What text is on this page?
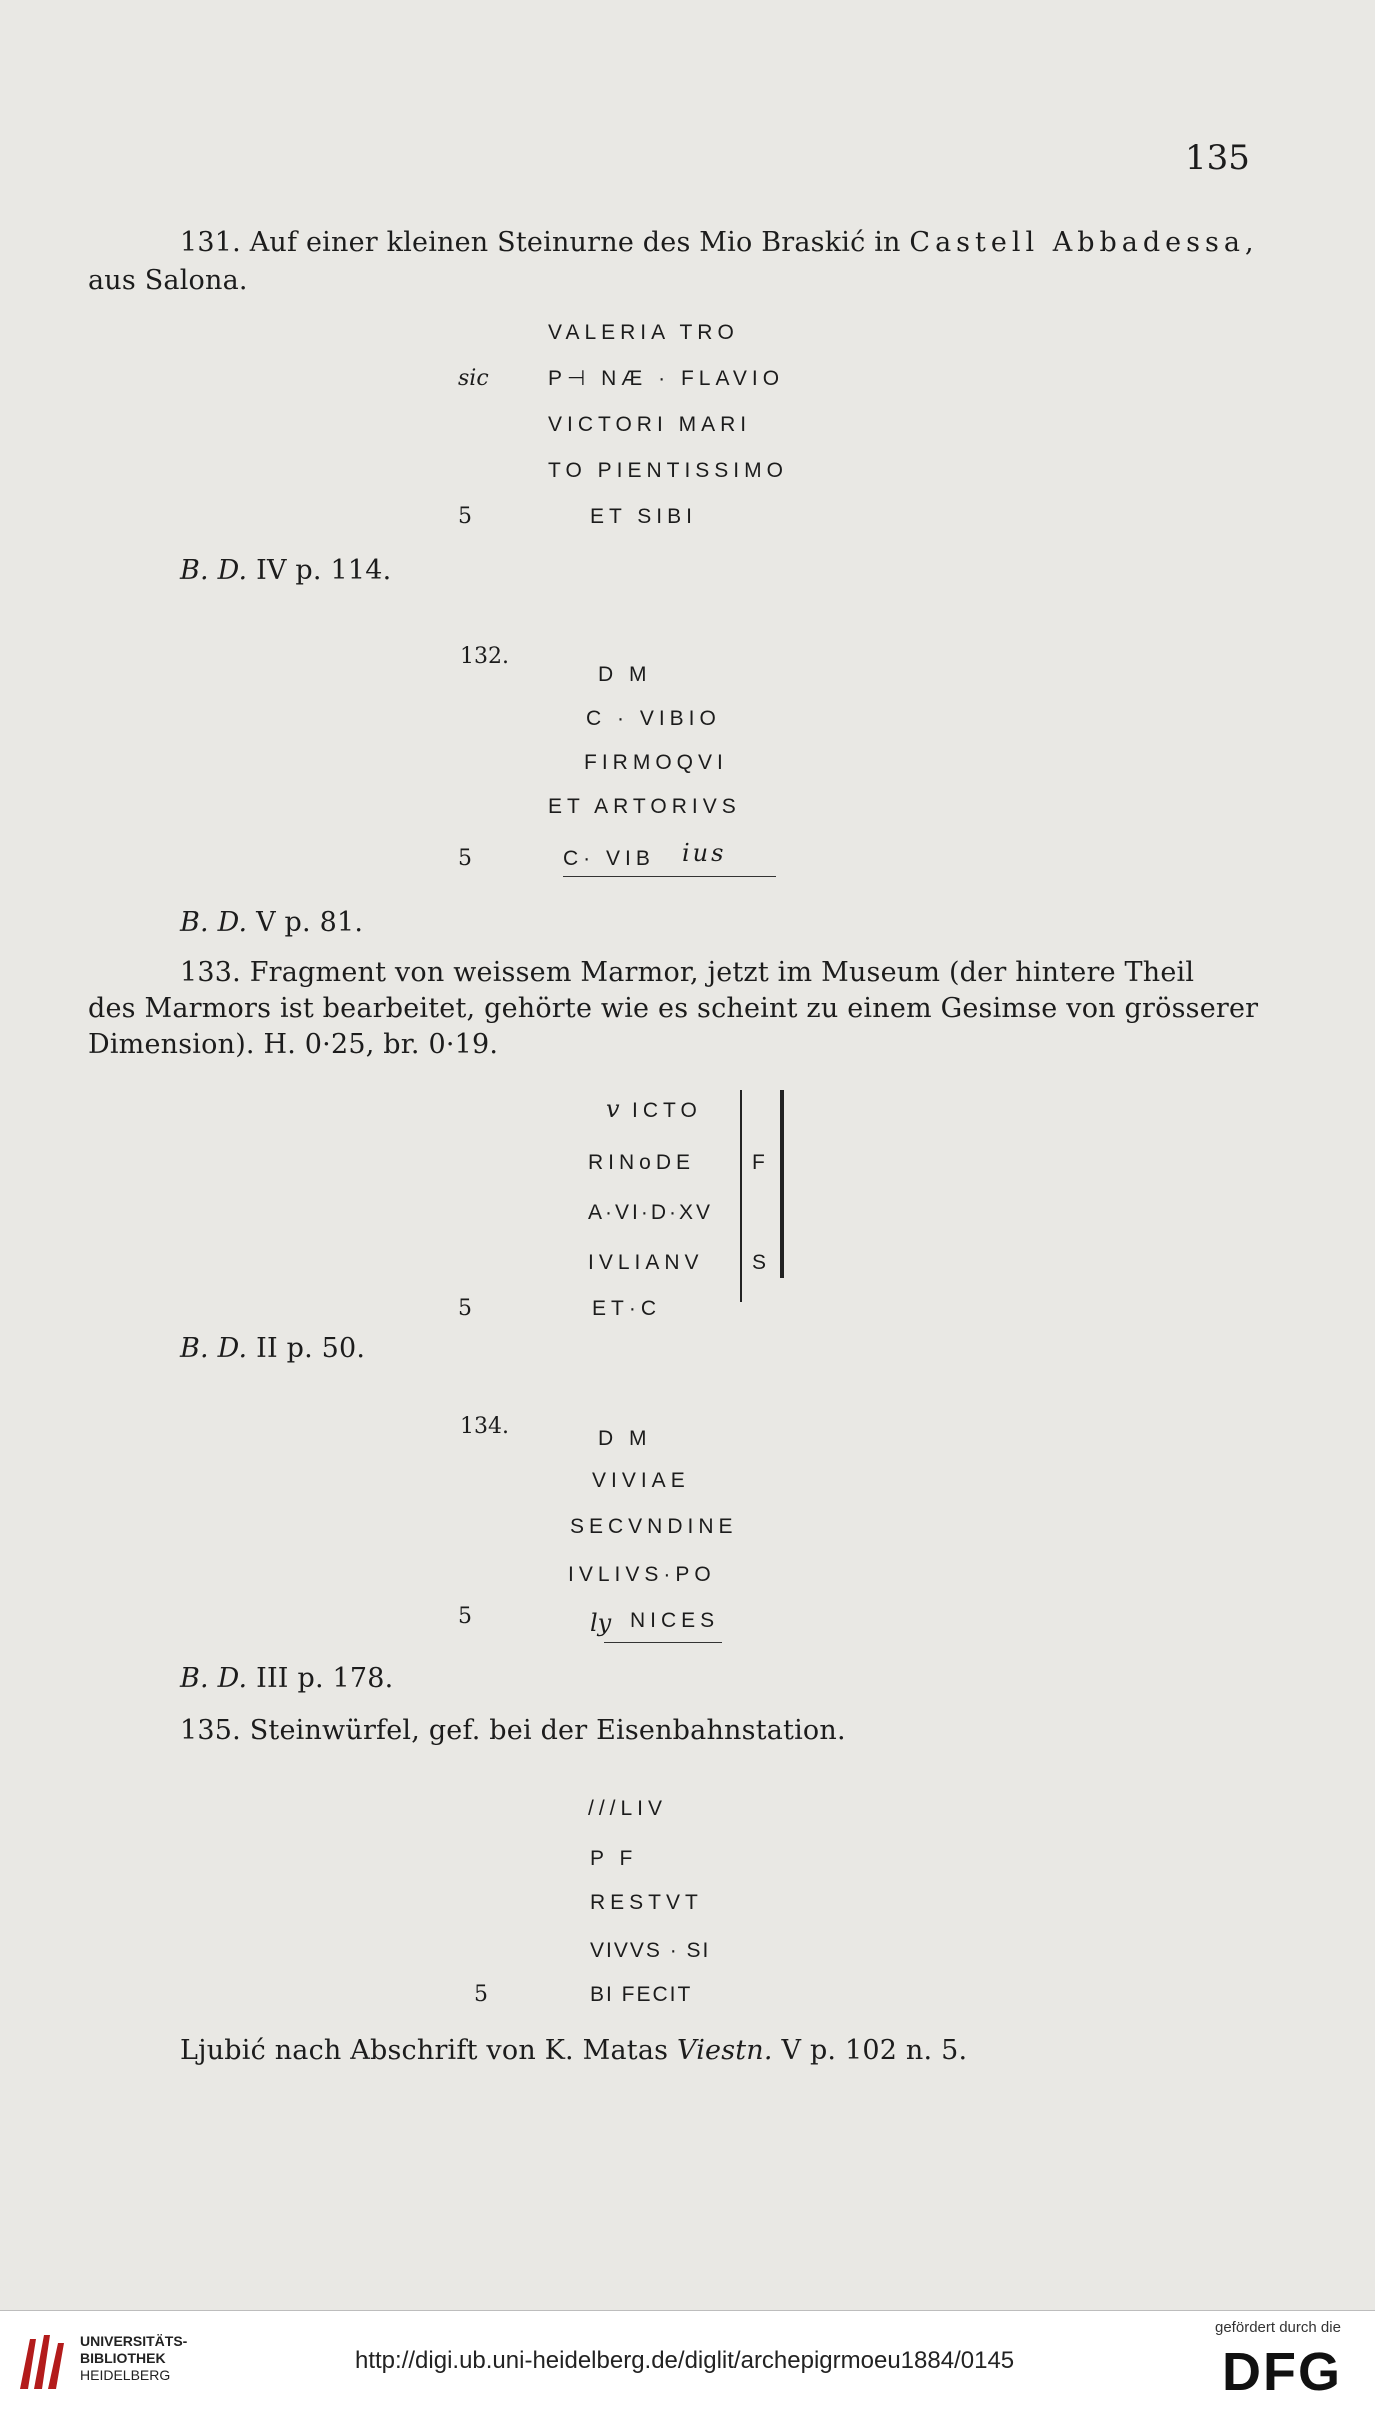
135
131. Auf einer kleinen Steinurne des Mio Braskić in Castell Abbadessa,
aus Salona.
sic
VALERIA TRO
P⊣ NÆ · FLAVIO
VICTORI MARI
TO PIENTISSIMO
5	ET SIBI
B. D. IV p. 114.
132.
D M
C · VIBIO
FIRMOQVI
ET ARTORIVS
5	C· VIB ius
B. D. V p. 81.
133. Fragment von weissem Marmor, jetzt im Museum (der hintere Theil
des Marmors ist bearbeitet, gehörte wie es scheint zu einem Gesimse von grösserer
Dimension). H. 0·25, br. 0·19.
v ICTO
RINoDE
A·VI·D·XV
IVLIANV
5	ET·C
F
S
B. D. II p. 50.
134.	D M
VIVIAE
SECVNDINE
IVLIVS·PO
5	ly NICES
B. D. III p. 178.
135. Steinwürfel, gef. bei der Eisenbahnstation.
///LIV
P F
RESTVT
VIVVS · SI
5	BI FECIT
Ljubić nach Abschrift von K. Matas Viestn. V p. 102 n. 5.
UNIVERSITÄTS-
BIBLIOTHEK
HEIDELBERG
http://digi.ub.uni-heidelberg.de/diglit/archepigrmoeu1884/0145
gefördert durch die
DFG
